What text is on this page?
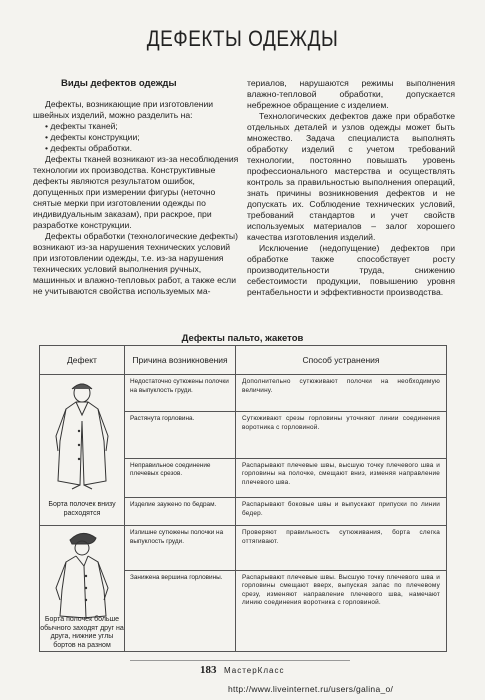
ДЕФЕКТЫ ОДЕЖДЫ

Виды дефектов одежды

Дефекты, возникающие при изготовлении швейных изделий, можно разделить на:

• дефекты тканей;
• дефекты конструкции;
• дефекты обработки.

Дефекты тканей возникают из-за несоблюдения технологии их производства. Конструктивные дефекты являются результатом ошибок, допущенных при измерении фигуры (неточно снятые мерки при изготовлении одежды по индивидуальным заказам), при раскрое, при разработке конструкции.

Дефекты обработки (технологические дефекты) возникают из-за нарушения технических условий при изготовлении одежды, т.е. из-за нарушения технических условий выполнения ручных, машинных и влажно-тепловых работ, а также если не учитываются свойства используемых ма-

териалов, нарушаются режимы выполнения влажно-тепловой обработки, допускается небрежное обращение с изделием.

Технологических дефектов даже при обработке отдельных деталей и узлов одежды может быть множество. Задача специалиста выполнять обработку изделий с учетом требований технологии, постоянно повышать уровень профессионального мастерства и осуществлять контроль за правильностью выполнения операций, знать причины возникновения дефектов и не допускать их. Соблюдение технических условий, требований стандартов и учет свойств используемых материалов – залог хорошего качества изготовления изделий.

Исключение (недопущение) дефектов при обработке также способствует росту производительности труда, снижению себестоимости продукции, повышению уровня рентабельности и эффективности производства.

Дефекты пальто, жакетов
Дефект	Причина возникновения	Способ устранения

Борта полочек внизу расходятся	Недостаточно сутюжены полочки на выпуклость груди.	Дополнительно сутюживают полочки на необходимую величину.

	Растянута горловина.	Сутюживают срезы горловины уточняют линии соединения воротника с горловиной.

	Неправильное соединение плечевых срезов.	Распарывают плечевые швы, высшую точку плечевого шва и горловины на полочке, смещают вниз, изменяя направление плечевого шва.

	Изделие заужено по бедрам.	Распарывают боковые швы и выпускают припуски по линии бедер.

Борта полочек больше обычного заходят друг на друга, нижние углы бортов на разном	Излишне сутюжены полочки на выпуклость груди.	Проверяют правильность сутюживания, борта слегка оттягивают.

	Занижена вершина горловины.	Распарывают плечевые швы. Высшую точку плечевого шва и горловины смещают вверх, выпуская запас по плечевому срезу, изменяют направление плечевого шва, намечают линию соединения воротника с горловиной.
183 МастерКласс
http://www.liveinternet.ru/users/galina_o/
